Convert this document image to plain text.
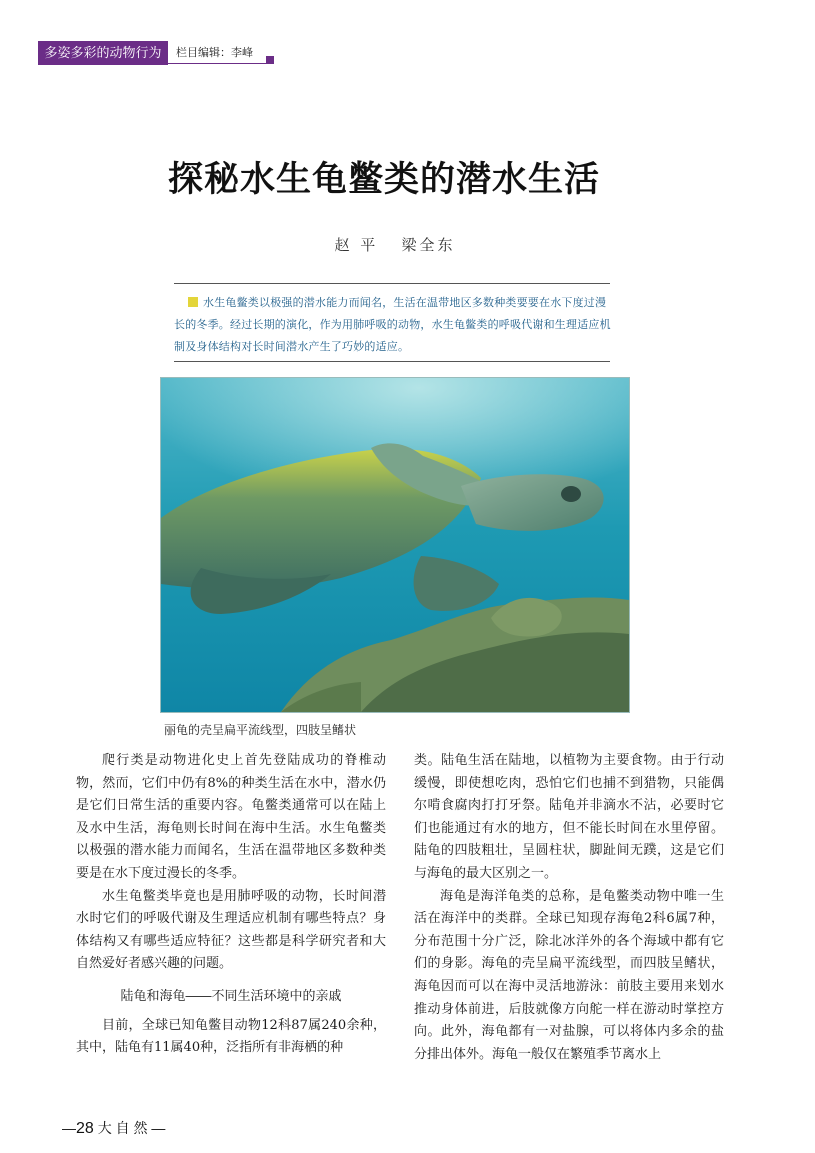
多姿多彩的动物行为	栏目编辑：李峰
探秘水生龟鳖类的潜水生活
赵 平   梁全东
水生龟鳖类以极强的潜水能力而闻名，生活在温带地区多数种类要要在水下度过漫长的冬季。经过长期的演化，作为用肺呼吸的动物，水生龟鳖类的呼吸代谢和生理适应机制及身体结构对长时间潜水产生了巧妙的适应。
丽龟的壳呈扁平流线型，四肢呈鳍状

爬行类是动物进化史上首先登陆成功的脊椎动物，然而，它们中仍有8%的种类生活在水中，潜水仍是它们日常生活的重要内容。龟鳖类通常可以在陆上及水中生活，海龟则长时间在海中生活。水生龟鳖类以极强的潜水能力而闻名，生活在温带地区多数种类要是在水下度过漫长的冬季。

水生龟鳖类毕竟也是用肺呼吸的动物，长时间潜水时它们的呼吸代谢及生理适应机制有哪些特点？身体结构又有哪些适应特征？这些都是科学研究者和大自然爱好者感兴趣的问题。

陆龟和海龟——不同生活环境中的亲戚

目前，全球已知龟鳖目动物12科87属240余种，其中，陆龟有11属40种，泛指所有非海栖的种

类。陆龟生活在陆地，以植物为主要食物。由于行动缓慢，即使想吃肉，恐怕它们也捕不到猎物，只能偶尔啃食腐肉打打牙祭。陆龟并非滴水不沾，必要时它们也能通过有水的地方，但不能长时间在水里停留。陆龟的四肢粗壮，呈圆柱状，脚趾间无蹼，这是它们与海龟的最大区别之一。

海龟是海洋龟类的总称，是龟鳖类动物中唯一生活在海洋中的类群。全球已知现存海龟2科6属7种，分布范围十分广泛，除北冰洋外的各个海域中都有它们的身影。海龟的壳呈扁平流线型，而四肢呈鳍状，海龟因而可以在海中灵活地游泳：前肢主要用来划水推动身体前进，后肢就像方向舵一样在游动时掌控方向。此外，海龟都有一对盐腺，可以将体内多余的盐分排出体外。海龟一般仅在繁殖季节离水上

—28 大 自 然 —
